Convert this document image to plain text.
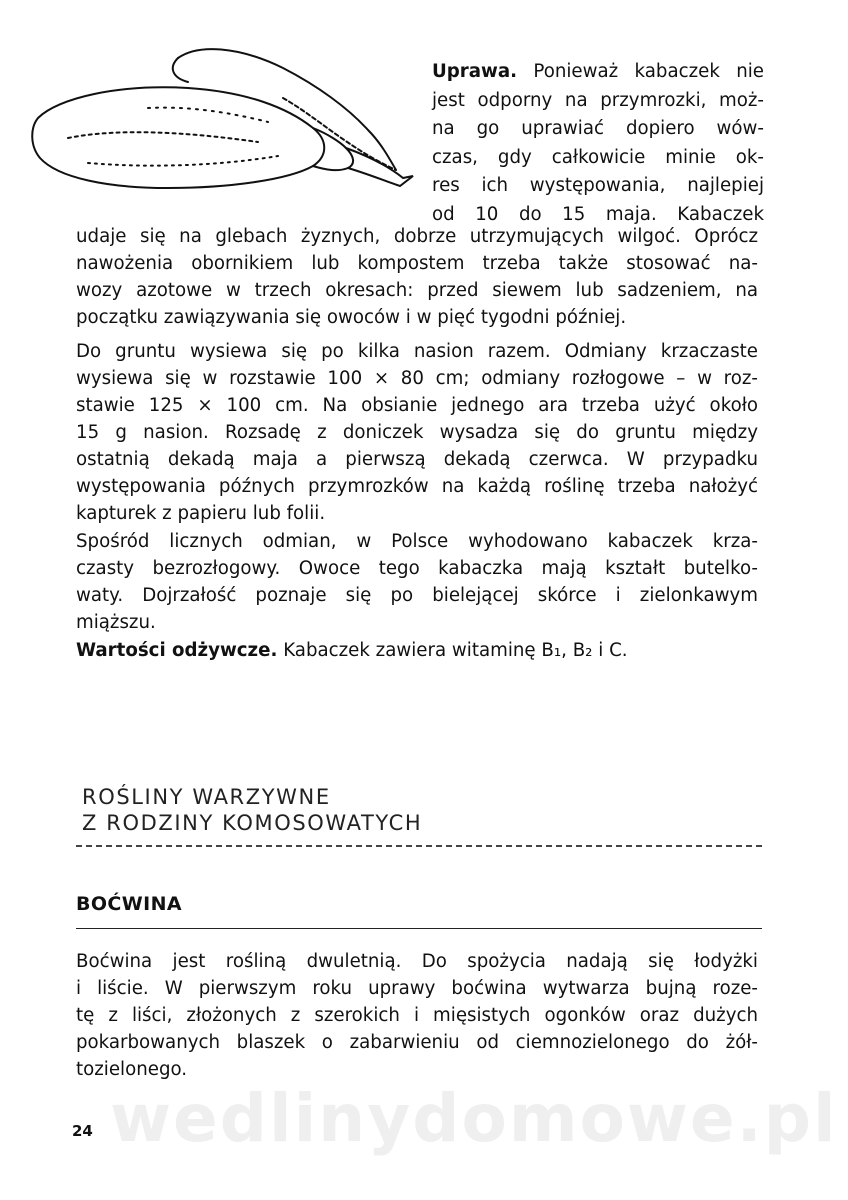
wedlinydomowe.pl
Uprawa. Ponieważ kabaczek nie
jest odporny na przymrozki, moż-
na go uprawiać dopiero wów-
czas, gdy całkowicie minie ok-
res ich występowania, najlepiej
od 10 do 15 maja. Kabaczek
udaje się na glebach żyznych, dobrze utrzymujących wilgoć. Oprócz
nawożenia obornikiem lub kompostem trzeba także stosować na-
wozy azotowe w trzech okresach: przed siewem lub sadzeniem, na
początku zawiązywania się owoców i w pięć tygodni później.
Do gruntu wysiewa się po kilka nasion razem. Odmiany krzaczaste
wysiewa się w rozstawie 100 × 80 cm; odmiany rozłogowe – w roz-
stawie 125 × 100 cm. Na obsianie jednego ara trzeba użyć około
15 g nasion. Rozsadę z doniczek wysadza się do gruntu między
ostatnią dekadą maja a pierwszą dekadą czerwca. W przypadku
występowania późnych przymrozków na każdą roślinę trzeba nałożyć
kapturek z papieru lub folii.
Spośród licznych odmian, w Polsce wyhodowano kabaczek krza-
czasty bezrozłogowy. Owoce tego kabaczka mają kształt butelko-
waty. Dojrzałość poznaje się po bielejącej skórce i zielonkawym
miąższu.
Wartości odżywcze. Kabaczek zawiera witaminę B₁, B₂ i C.
ROŚLINY WARZYWNE
Z RODZINY KOMOSOWATYCH
BOĆWINA
Boćwina jest rośliną dwuletnią. Do spożycia nadają się łodyżki
i liście. W pierwszym roku uprawy boćwina wytwarza bujną roze-
tę z liści, złożonych z szerokich i mięsistych ogonków oraz dużych
pokarbowanych blaszek o zabarwieniu od ciemnozielonego do żół-
tozielonego.
24
